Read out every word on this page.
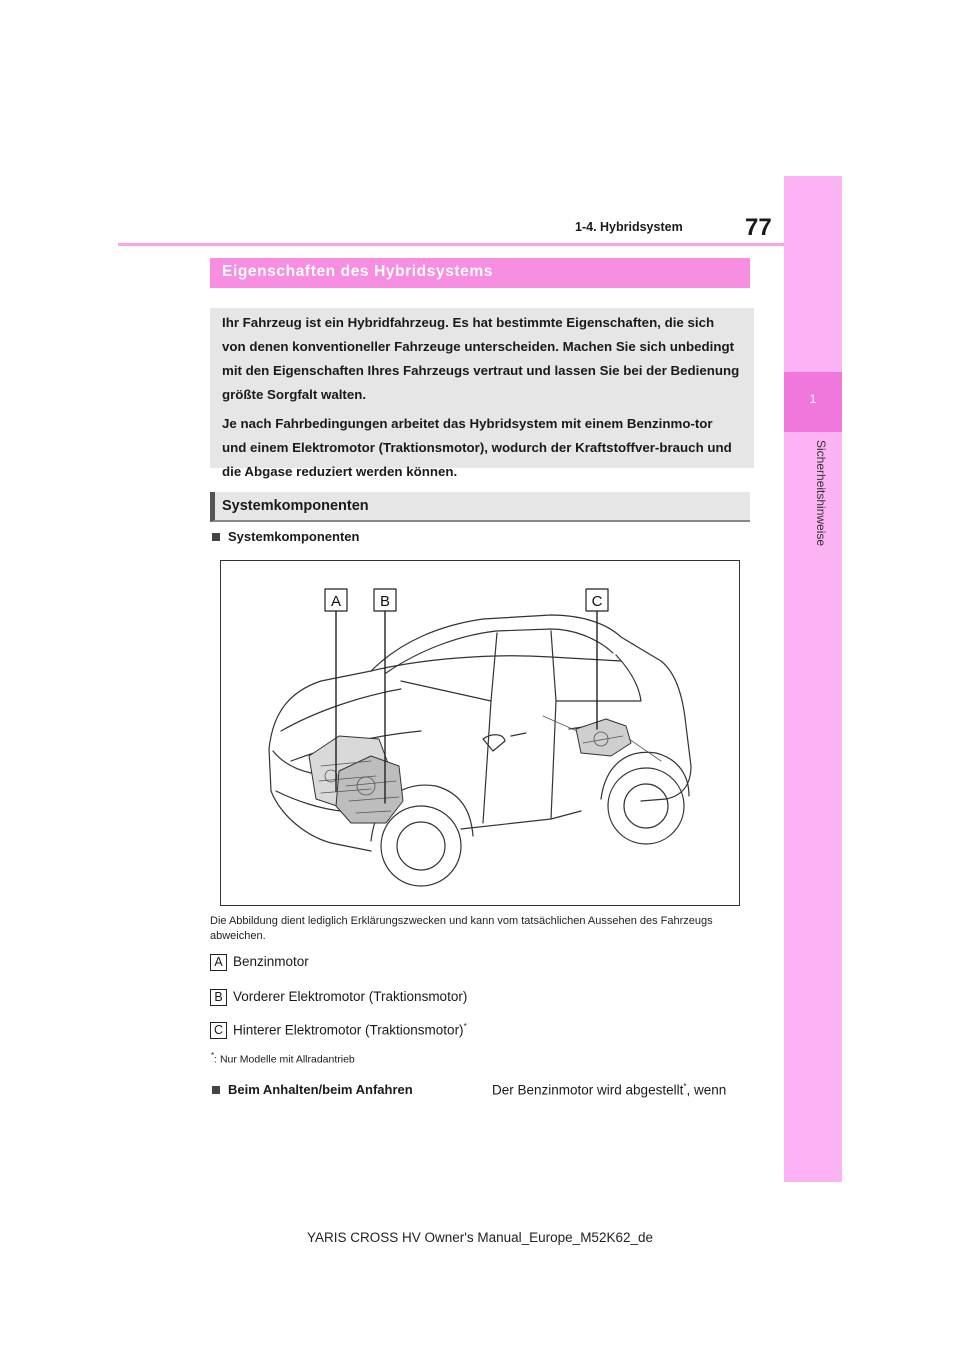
77
1-4. Hybridsystem
1
Sicherheitshinweise
Eigenschaften des Hybridsystems

Ihr Fahrzeug ist ein Hybridfahrzeug. Es hat bestimmte Eigenschaften, die sich von denen konventioneller Fahrzeuge unterscheiden. Machen Sie sich unbedingt mit den Eigenschaften Ihres Fahrzeugs vertraut und lassen Sie bei der Bedienung größte Sorgfalt walten.

Je nach Fahrbedingungen arbeitet das Hybridsystem mit einem Benzinmo-tor und einem Elektromotor (Traktionsmotor), wodurch der Kraftstoffver-brauch und die Abgase reduziert werden können.

Systemkomponenten
Systemkomponenten
A	B	C
Die Abbildung dient lediglich Erklärungszwecken und kann vom tatsächlichen Aussehen des Fahrzeugs abweichen.
A Benzinmotor
B Vorderer Elektromotor (Traktionsmotor)
C Hinterer Elektromotor (Traktionsmotor)*
*: Nur Modelle mit Allradantrieb
Beim Anhalten/beim Anfahren	Der Benzinmotor wird abgestellt*, wenn
YARIS CROSS HV Owner's Manual_Europe_M52K62_de
